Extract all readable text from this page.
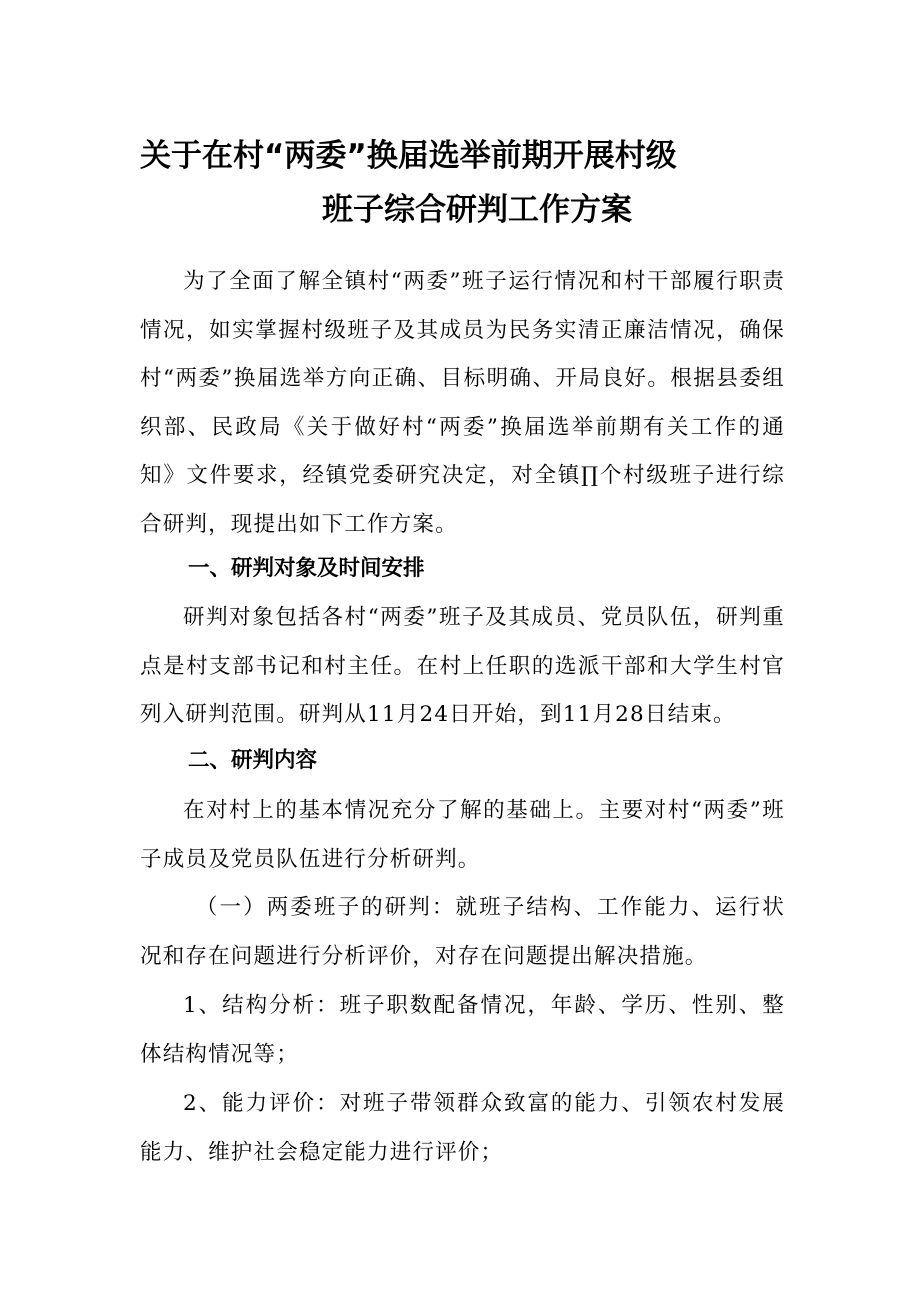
关于在村“两委”换届选举前期开展村级
班子综合研判工作方案
为了全面了解全镇村“两委”班子运行情况和村干部履行职责情况，如实掌握村级班子及其成员为民务实清正廉洁情况，确保村“两委”换届选举方向正确、目标明确、开局良好。根据县委组织部、民政局《关于做好村“两委”换届选举前期有关工作的通知》文件要求，经镇党委研究决定，对全镇∏个村级班子进行综合研判，现提出如下工作方案。
一、研判对象及时间安排
研判对象包括各村“两委”班子及其成员、党员队伍，研判重点是村支部书记和村主任。在村上任职的选派干部和大学生村官列入研判范围。研判从11月24日开始，到11月28日结束。
二、研判内容
在对村上的基本情况充分了解的基础上。主要对村“两委”班子成员及党员队伍进行分析研判。
（一）两委班子的研判：就班子结构、工作能力、运行状况和存在问题进行分析评价，对存在问题提出解决措施。
1、结构分析：班子职数配备情况，年龄、学历、性别、整体结构情况等；
2、能力评价：对班子带领群众致富的能力、引领农村发展能力、维护社会稳定能力进行评价；
